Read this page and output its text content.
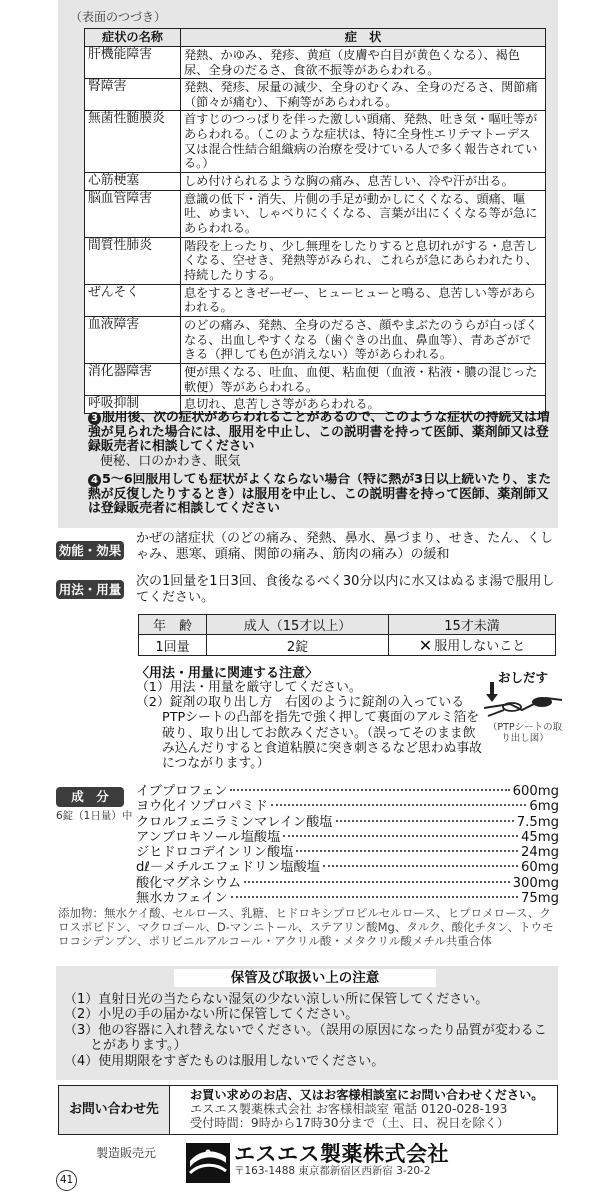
（表面のつづき）
症状の名称	症　状
肝機能障害	発熱、かゆみ、発疹、黄疸（皮膚や白目が黄色くなる）、褐色尿、全身のだるさ、食欲不振等があらわれる。
腎障害	発熱、発疹、尿量の減少、全身のむくみ、全身のだるさ、関節痛（節々が痛む）、下痢等があらわれる。
無菌性髄膜炎	首すじのつっぱりを伴った激しい頭痛、発熱、吐き気・嘔吐等があらわれる。（このような症状は、特に全身性エリテマトーデス又は混合性結合組織病の治療を受けている人で多く報告されている。）
心筋梗塞	しめ付けられるような胸の痛み、息苦しい、冷や汗が出る。
脳血管障害	意識の低下・消失、片側の手足が動かしにくくなる、頭痛、嘔吐、めまい、しゃべりにくくなる、言葉が出にくくなる等が急にあらわれる。
間質性肺炎	階段を上ったり、少し無理をしたりすると息切れがする・息苦しくなる、空せき、発熱等がみられ、これらが急にあらわれたり、持続したりする。
ぜんそく	息をするときゼーゼー、ヒューヒューと鳴る、息苦しい等があらわれる。
血液障害	のどの痛み、発熱、全身のだるさ、顔やまぶたのうらが白っぽくなる、出血しやすくなる（歯ぐきの出血、鼻血等）、青あざができる（押しても色が消えない）等があらわれる。
消化器障害	便が黒くなる、吐血、血便、粘血便（血液・粘液・膿の混じった軟便）等があらわれる。
呼吸抑制	息切れ、息苦しさ等があらわれる。
3 服用後、次の症状があらわれることがあるので、このような症状の持続又は増強が見られた場合には、服用を中止し、この説明書を持って医師、薬剤師又は登録販売者に相談してください
便秘、口のかわき、眠気
4 5～6回服用しても症状がよくならない場合（特に熱が3日以上続いたり、また熱が反復したりするとき）は服用を中止し、この説明書を持って医師、薬剤師又は登録販売者に相談してください
効能・効果
かぜの諸症状（のどの痛み、発熱、鼻水、鼻づまり、せき、たん、くしゃみ、悪寒、頭痛、関節の痛み、筋肉の痛み）の緩和
用法・用量
次の1回量を1日3回、食後なるべく30分以内に水又はぬるま湯で服用してください。
年　齢	成人（15才以上）	15才未満
1回量	2錠	✕ 服用しないこと
〈用法・用量に関連する注意〉
（1）用法・用量を厳守してください。
（2）錠剤の取り出し方　右図のように錠剤の入っているPTPシートの凸部を指先で強く押して裏面のアルミ箔を破り、取り出してお飲みください。（誤ってそのまま飲み込んだりすると食道粘膜に突き刺さるなど思わぬ事故につながります。）
おしだす
（PTPシートの取り出し図）
成　分
6錠（1日量）中
イブプロフェン	600mg
ヨウ化イソプロパミド	6mg
クロルフェニラミンマレイン酸塩	7.5mg
アンブロキソール塩酸塩	45mg
ジヒドロコデインリン酸塩	24mg
dℓ－メチルエフェドリン塩酸塩	60mg
酸化マグネシウム	300mg
無水カフェイン	75mg
添加物：無水ケイ酸、セルロース、乳糖、ヒドロキシプロピルセルロース、ヒプロメロース、クロスポビドン、マクロゴール、D-マンニトール、ステアリン酸Mg、タルク、酸化チタン、トウモロコシデンプン、ポリビニルアルコール・アクリル酸・メタクリル酸メチル共重合体
保管及び取扱い上の注意
（1）直射日光の当たらない湿気の少ない涼しい所に保管してください。
（2）小児の手の届かない所に保管してください。
（3）他の容器に入れ替えないでください。（誤用の原因になったり品質が変わることがあります。）
（4）使用期限をすぎたものは服用しないでください。
お問い合わせ先
お買い求めのお店、又はお客様相談室にお問い合わせください。
エスエス製薬株式会社 お客様相談室 電話 0120-028-193
受付時間：9時から17時30分まで（土、日、祝日を除く）
製造販売元	エスエス製薬株式会社
〒163-1488 東京都新宿区西新宿 3-20-2
41
